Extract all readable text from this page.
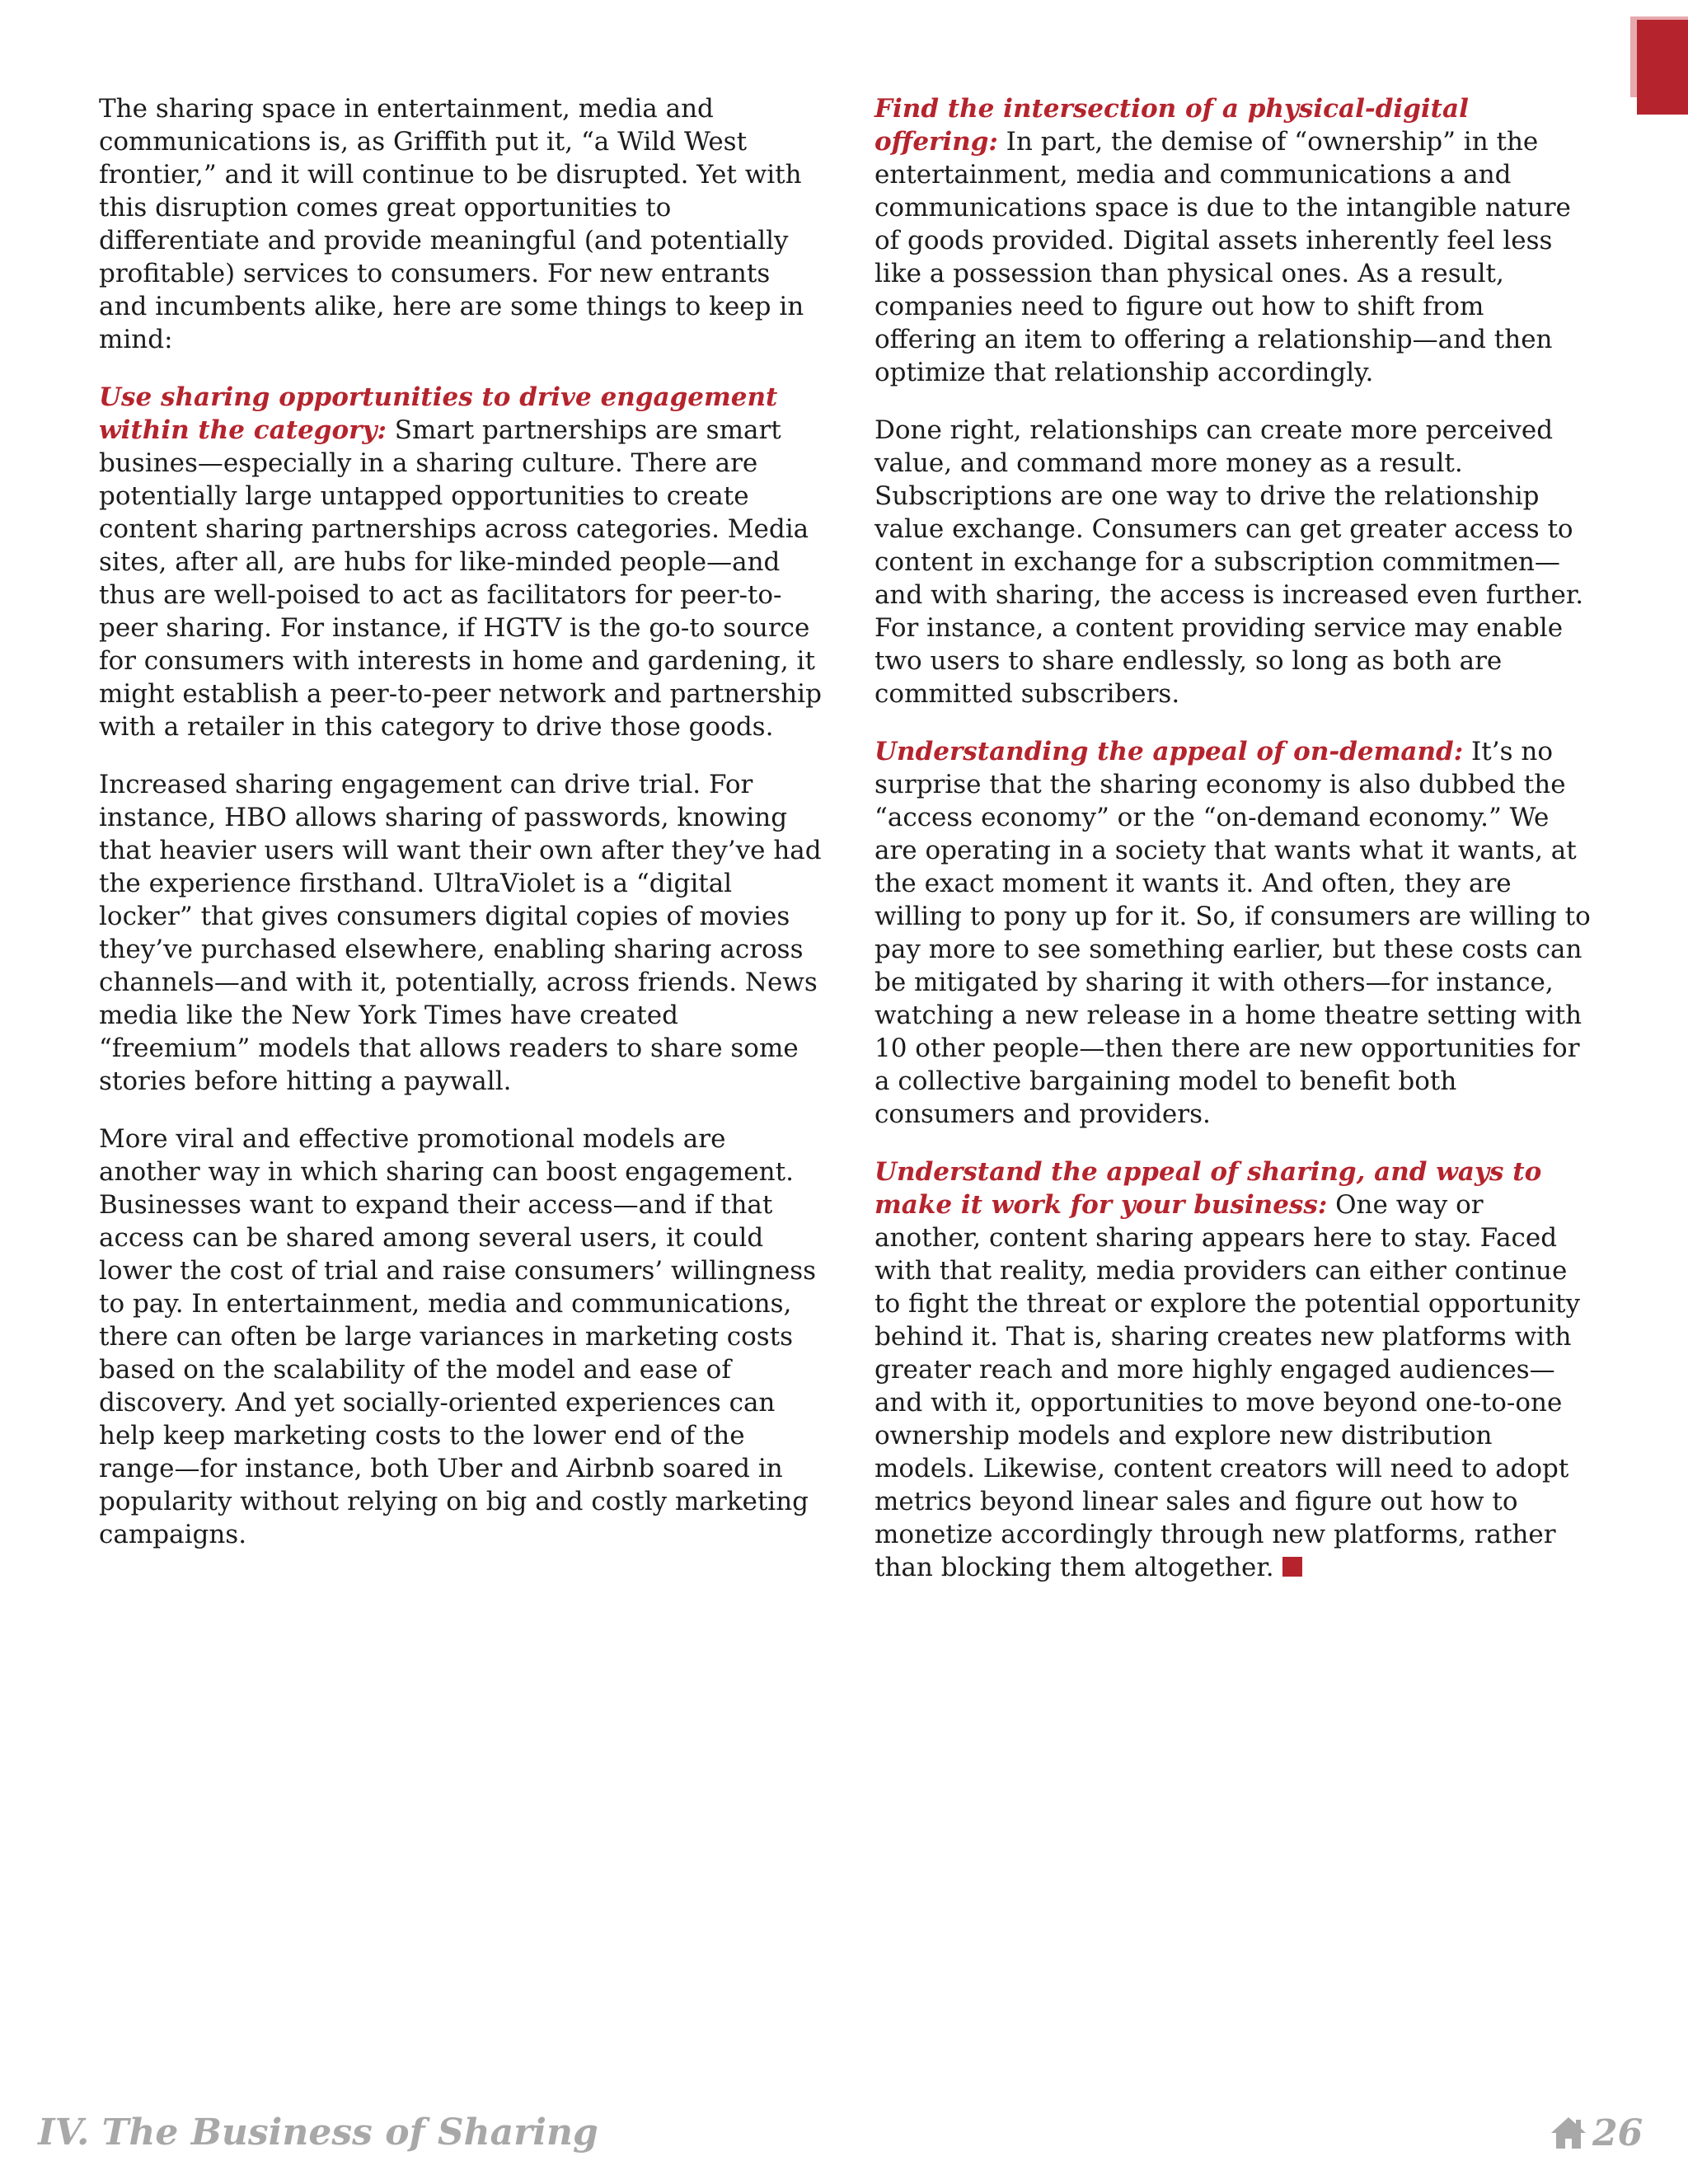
The sharing space in entertainment, media and communications is, as Griffith put it, “a Wild West frontier,” and it will continue to be disrupted. Yet with this disruption comes great opportunities to differentiate and provide meaningful (and potentially profitable) services to consumers. For new entrants and incumbents alike, here are some things to keep in mind:

Use sharing opportunities to drive engagement within the category: Smart partnerships are smart busines—especially in a sharing culture. There are potentially large untapped opportunities to create content sharing partnerships across categories. Media sites, after all, are hubs for like-minded people—and thus are well-poised to act as facilitators for peer-to-peer sharing. For instance, if HGTV is the go-to source for consumers with interests in home and gardening, it might establish a peer-to-peer network and partnership with a retailer in this category to drive those goods.

Increased sharing engagement can drive trial. For instance, HBO allows sharing of passwords, knowing that heavier users will want their own after they’ve had the experience firsthand. UltraViolet is a “digital locker” that gives consumers digital copies of movies they’ve purchased elsewhere, enabling sharing across channels—and with it, potentially, across friends. News media like the New York Times have created “freemium” models that allows readers to share some stories before hitting a paywall.

More viral and effective promotional models are another way in which sharing can boost engagement. Businesses want to expand their access—and if that access can be shared among several users, it could lower the cost of trial and raise consumers’ willingness to pay. In entertainment, media and communications, there can often be large variances in marketing costs based on the scalability of the model and ease of discovery. And yet socially-oriented experiences can help keep marketing costs to the lower end of the range—for instance, both Uber and Airbnb soared in popularity without relying on big and costly marketing campaigns.

Find the intersection of a physical-digital offering: In part, the demise of “ownership” in the entertainment, media and communications a and communications space is due to the intangible nature of goods provided. Digital assets inherently feel less like a possession than physical ones. As a result, companies need to figure out how to shift from offering an item to offering a relationship—and then optimize that relationship accordingly.

Done right, relationships can create more perceived value, and command more money as a result. Subscriptions are one way to drive the relationship value exchange. Consumers can get greater access to content in exchange for a subscription commitmen—and with sharing, the access is increased even further. For instance, a content providing service may enable two users to share endlessly, so long as both are committed subscribers.

Understanding the appeal of on-demand: It’s no surprise that the sharing economy is also dubbed the “access economy” or the “on-demand economy.” We are operating in a society that wants what it wants, at the exact moment it wants it. And often, they are willing to pony up for it. So, if consumers are willing to pay more to see something earlier, but these costs can be mitigated by sharing it with others—for instance, watching a new release in a home theatre setting with 10 other people—then there are new opportunities for a collective bargaining model to benefit both consumers and providers.

Understand the appeal of sharing, and ways to make it work for your business: One way or another, content sharing appears here to stay. Faced with that reality, media providers can either continue to fight the threat or explore the potential opportunity behind it. That is, sharing creates new platforms with greater reach and more highly engaged audiences—and with it, opportunities to move beyond one-to-one ownership models and explore new distribution models. Likewise, content creators will need to adopt metrics beyond linear sales and figure out how to monetize accordingly through new platforms, rather than blocking them altogether.

IV. The Business of Sharing	26
